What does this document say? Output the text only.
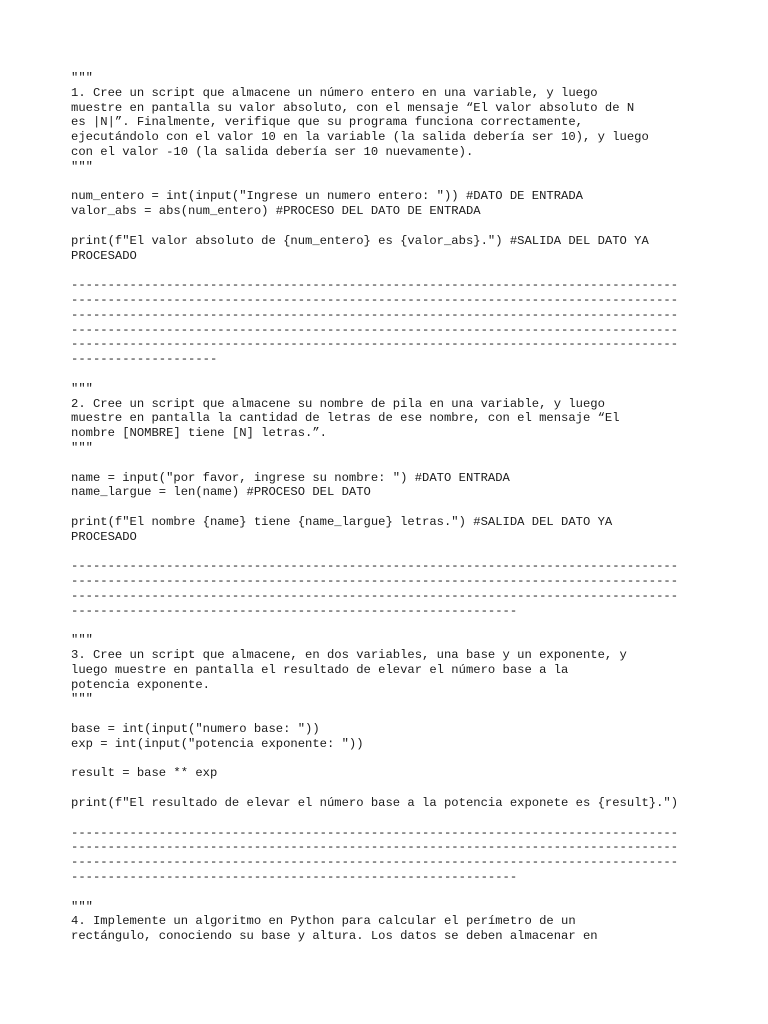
"""
1. Cree un script que almacene un número entero en una variable, y luego
muestre en pantalla su valor absoluto, con el mensaje “El valor absoluto de N
es |N|”. Finalmente, verifique que su programa funciona correctamente,
ejecutándolo con el valor 10 en la variable (la salida debería ser 10), y luego
con el valor -10 (la salida debería ser 10 nuevamente).
"""
num_entero = int(input("Ingrese un numero entero: ")) #DATO DE ENTRADA
valor_abs = abs(num_entero) #PROCESO DEL DATO DE ENTRADA
print(f"El valor absoluto de {num_entero} es {valor_abs}.") #SALIDA DEL DATO YA
PROCESADO
-----------------------------------------------------------------------------------
-----------------------------------------------------------------------------------
-----------------------------------------------------------------------------------
-----------------------------------------------------------------------------------
-----------------------------------------------------------------------------------
--------------------
"""
2. Cree un script que almacene su nombre de pila en una variable, y luego
muestre en pantalla la cantidad de letras de ese nombre, con el mensaje “El
nombre [NOMBRE] tiene [N] letras.”.
"""
name = input("por favor, ingrese su nombre: ") #DATO ENTRADA
name_largue = len(name) #PROCESO DEL DATO
print(f"El nombre {name} tiene {name_largue} letras.") #SALIDA DEL DATO YA
PROCESADO
-----------------------------------------------------------------------------------
-----------------------------------------------------------------------------------
-----------------------------------------------------------------------------------
-------------------------------------------------------------
"""
3. Cree un script que almacene, en dos variables, una base y un exponente, y
luego muestre en pantalla el resultado de elevar el número base a la
potencia exponente.
"""
base = int(input("numero base: "))
exp = int(input("potencia exponente: "))
result = base ** exp
print(f"El resultado de elevar el número base a la potencia exponete es {result}.")
-----------------------------------------------------------------------------------
-----------------------------------------------------------------------------------
-----------------------------------------------------------------------------------
-------------------------------------------------------------
"""
4. Implemente un algoritmo en Python para calcular el perímetro de un
rectángulo, conociendo su base y altura. Los datos se deben almacenar en
